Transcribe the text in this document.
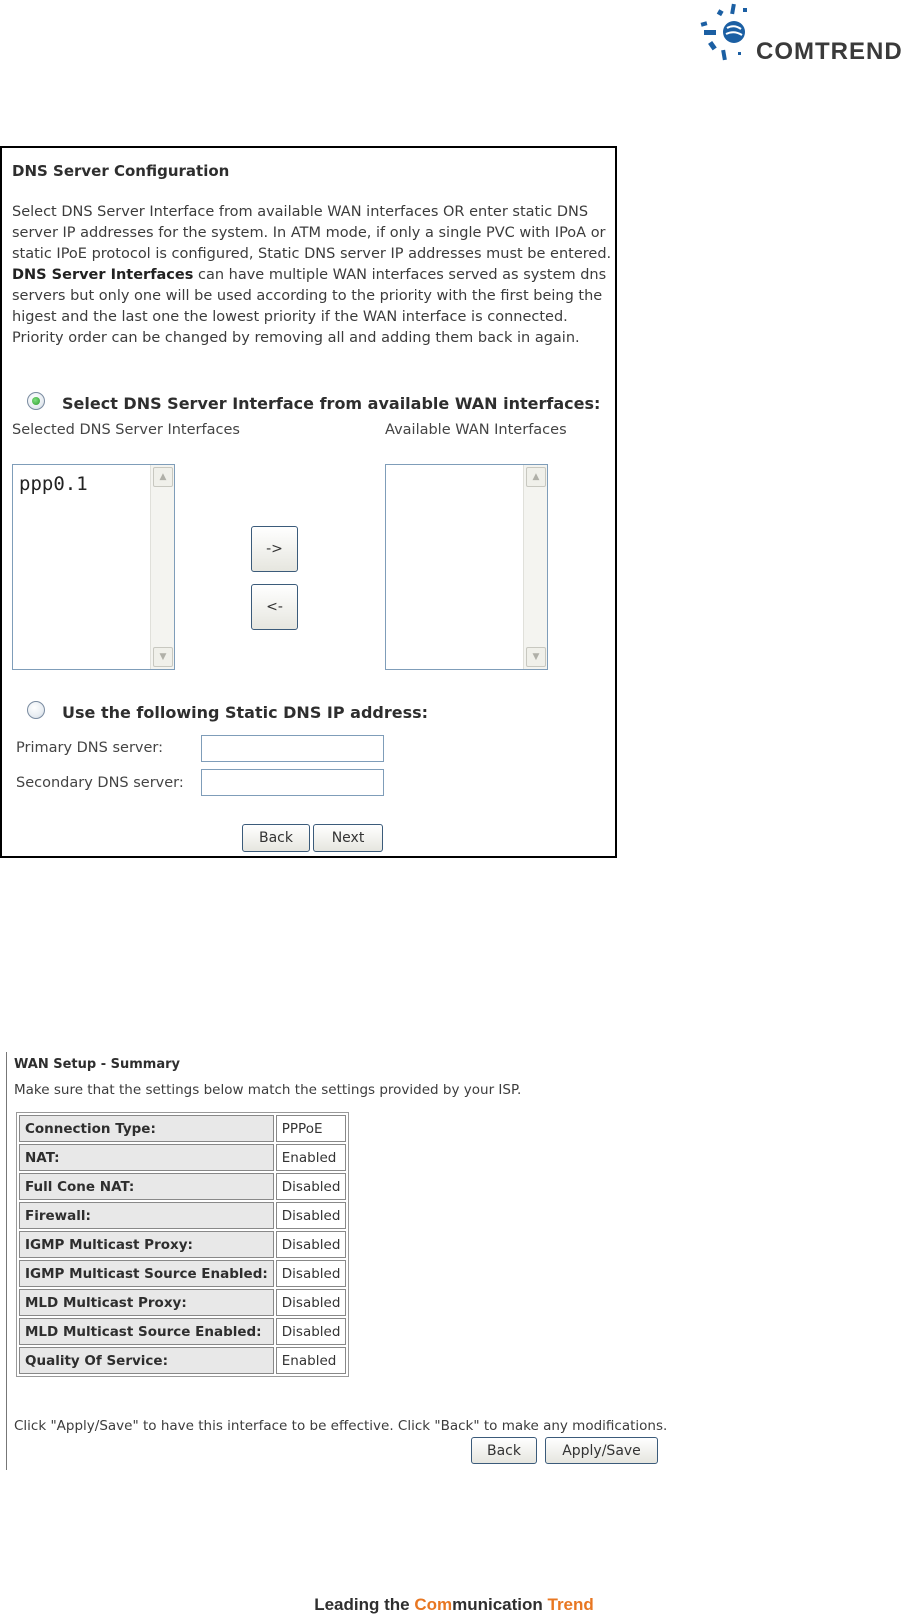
COMTREND
DNS Server Configuration
Select DNS Server Interface from available WAN interfaces OR enter static DNS server IP addresses for the system. In ATM mode, if only a single PVC with IPoA or static IPoE protocol is configured, Static DNS server IP addresses must be entered. DNS Server Interfaces can have multiple WAN interfaces served as system dns servers but only one will be used according to the priority with the first being the higest and the last one the lowest priority if the WAN interface is connected. Priority order can be changed by removing all and adding them back in again.
Select DNS Server Interface from available WAN interfaces:
Selected DNS Server Interfaces	Available WAN Interfaces
ppp0.1	▲
▼
->
<-
▲
▼
Use the following Static DNS IP address:
Primary DNS server:
Secondary DNS server:
Back	Next
WAN Setup - Summary
Make sure that the settings below match the settings provided by your ISP.
Connection Type:	PPPoE
NAT:	Enabled
Full Cone NAT:	Disabled
Firewall:	Disabled
IGMP Multicast Proxy:	Disabled
IGMP Multicast Source Enabled:	Disabled
MLD Multicast Proxy:	Disabled
MLD Multicast Source Enabled:	Disabled
Quality Of Service:	Enabled
Click "Apply/Save" to have this interface to be effective. Click "Back" to make any modifications.
Back	Apply/Save
Leading the Communication Trend
